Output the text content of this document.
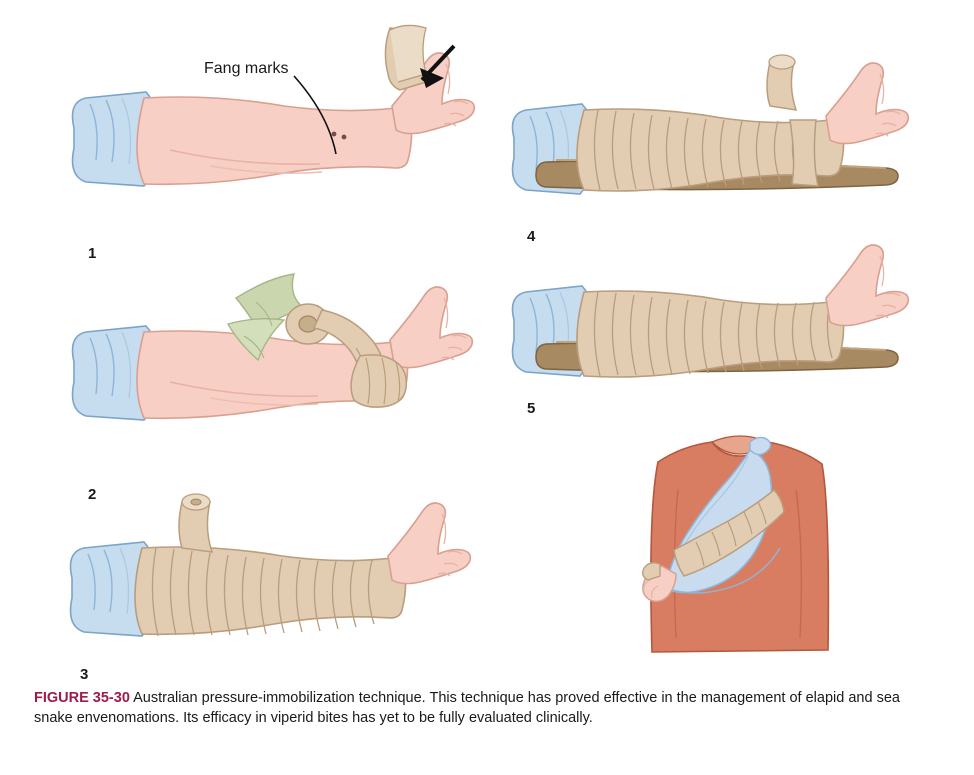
1
Fang marks
2
3
4
5
FIGURE 35-30 Australian pressure-immobilization technique. This technique has proved effective in the management of elapid and sea snake envenomations. Its efficacy in viperid bites has yet to be fully evaluated clinically.
